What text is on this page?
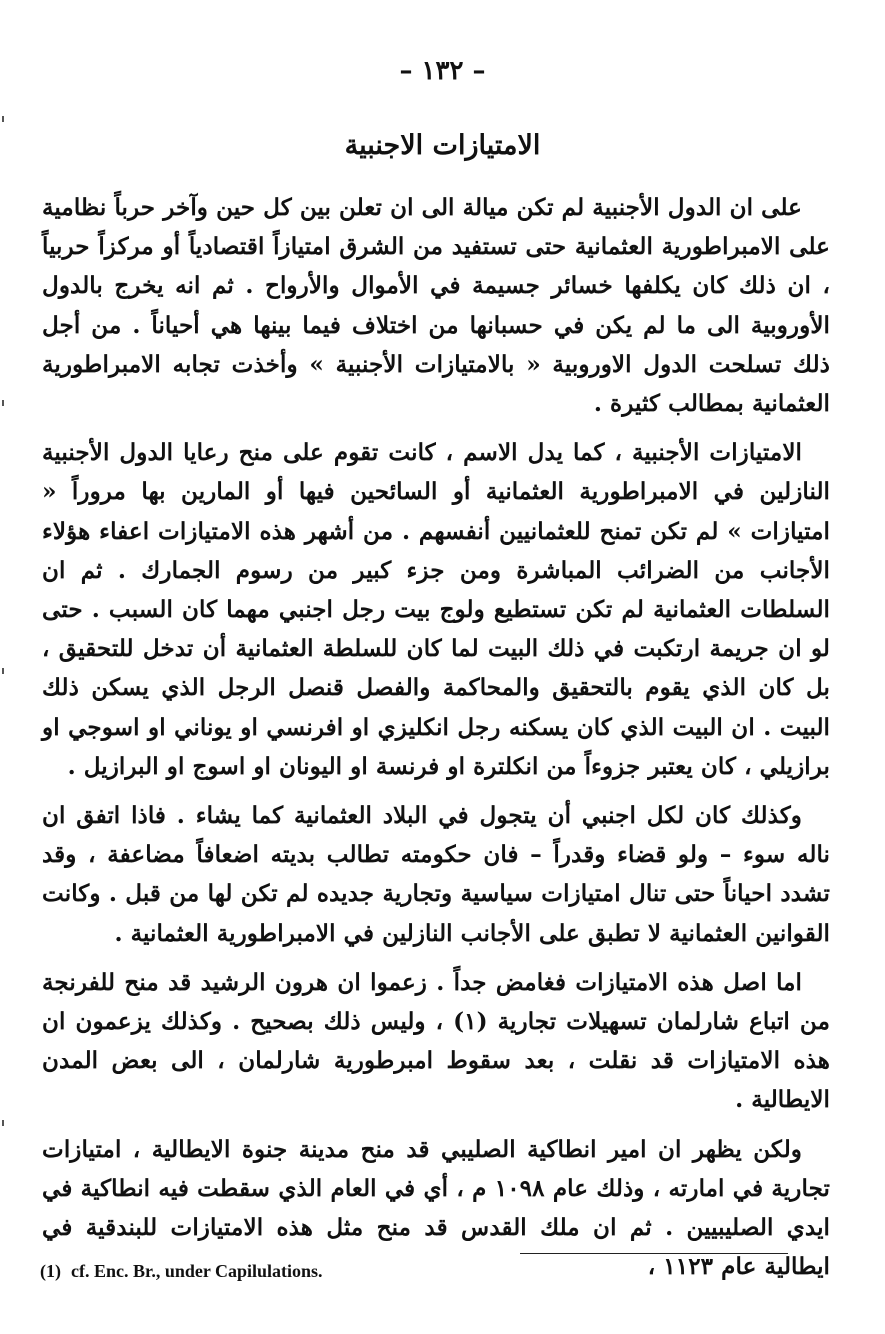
– ١٣٢ –
الامتيازات الاجنبية

على ان الدول الأجنبية لم تكن ميالة الى ان تعلن بين كل حين وآخر حرباً نظامية على الامبراطورية العثمانية حتى تستفيد من الشرق امتيازاً اقتصادياً أو مركزاً حربياً ، ان ذلك كان يكلفها خسائر جسيمة في الأموال والأرواح . ثم انه يخرج بالدول الأوروبية الى ما لم يكن في حسبانها من اختلاف فيما بينها هي أحياناً . من أجل ذلك تسلحت الدول الاوروبية « بالامتيازات الأجنبية » وأخذت تجابه الامبراطورية العثمانية بمطالب كثيرة .

الامتيازات الأجنبية ، كما يدل الاسم ، كانت تقوم على منح رعايا الدول الأجنبية النازلين في الامبراطورية العثمانية أو السائحين فيها أو المارين بها مروراً « امتيازات » لم تكن تمنح للعثمانيين أنفسهم . من أشهر هذه الامتيازات اعفاء هؤلاء الأجانب من الضرائب المباشرة ومن جزء كبير من رسوم الجمارك . ثم ان السلطات العثمانية لم تكن تستطيع ولوج بيت رجل اجنبي مهما كان السبب . حتى لو ان جريمة ارتكبت في ذلك البيت لما كان للسلطة العثمانية أن تدخل للتحقيق ، بل كان الذي يقوم بالتحقيق والمحاكمة والفصل قنصل الرجل الذي يسكن ذلك البيت . ان البيت الذي كان يسكنه رجل انكليزي او افرنسي او يوناني او اسوجي او برازيلي ، كان يعتبر جزوءاً من انكلترة او فرنسة او اليونان او اسوج او البرازيل .

وكذلك كان لكل اجنبي أن يتجول في البلاد العثمانية كما يشاء . فاذا اتفق ان ناله سوء – ولو قضاء وقدراً – فان حكومته تطالب بديته اضعافاً مضاعفة ، وقد تشدد احياناً حتى تنال امتيازات سياسية وتجارية جديده لم تكن لها من قبل . وكانت القوانين العثمانية لا تطبق على الأجانب النازلين في الامبراطورية العثمانية .

اما اصل هذه الامتيازات فغامض جداً . زعموا ان هرون الرشيد قد منح للفرنجة من اتباع شارلمان تسهيلات تجارية (١) ، وليس ذلك بصحيح . وكذلك يزعمون ان هذه الامتيازات قد نقلت ، بعد سقوط امبرطورية شارلمان ، الى بعض المدن الايطالية .

ولكن يظهر ان امير انطاكية الصليبي قد منح مدينة جنوة الايطالية ، امتيازات تجارية في امارته ، وذلك عام ١٠٩٨ م ، أي في العام الذي سقطت فيه انطاكية في ايدي الصليبيين . ثم ان ملك القدس قد منح مثل هذه الامتيازات للبندقية في ايطالية عام ١١٢٣ ،

(1) cf. Enc. Br., under Capilulations.
